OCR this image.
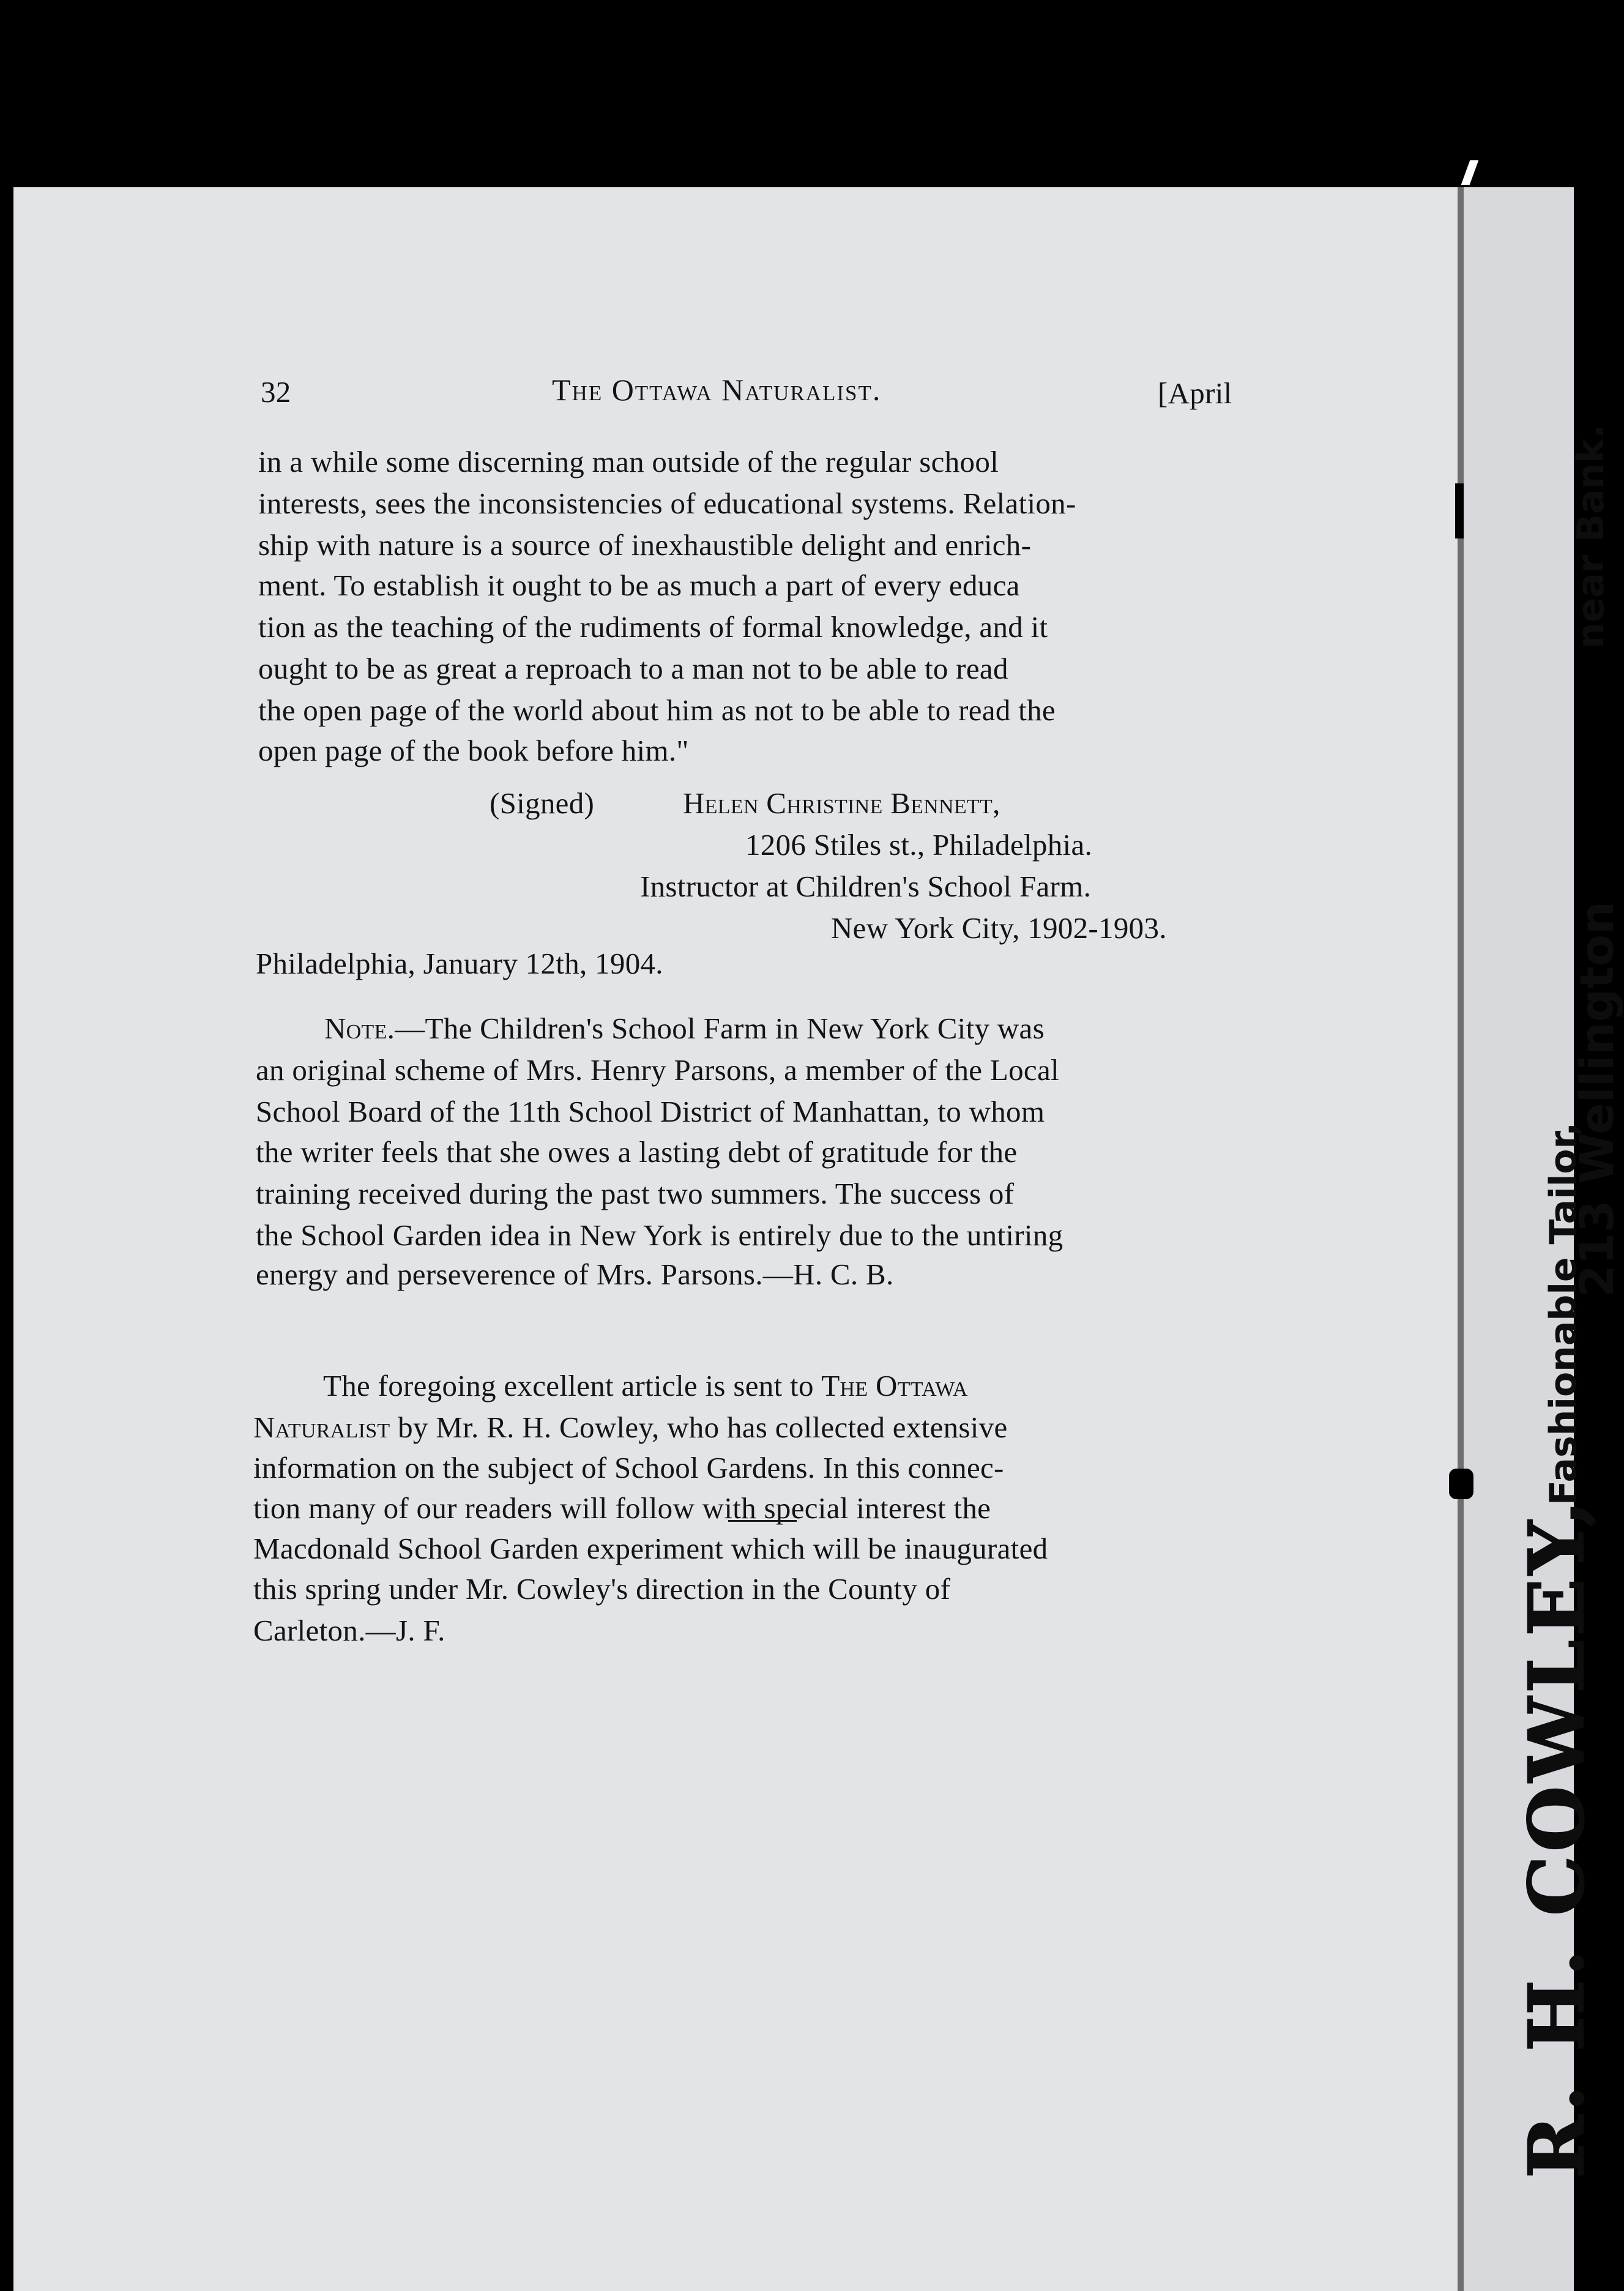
32	The Ottawa Naturalist.	[April
in a while some discerning man outside of the regular school
interests, sees the inconsistencies of educational systems. Relation-
ship with nature is a source of inexhaustible delight and enrich-
ment. To establish it ought to be as much a part of every educa
tion as the teaching of the rudiments of formal knowledge, and it
ought to be as great a reproach to a man not to be able to read
the open page of the world about him as not to be able to read the
open page of the book before him."
(Signed)	Helen Christine Bennett,
1206 Stiles st., Philadelphia.
Instructor at Children's School Farm.
New York City, 1902-1903.
Philadelphia, January 12th, 1904.
Note.—The Children's School Farm in New York City was
an original scheme of Mrs. Henry Parsons, a member of the Local
School Board of the 11th School District of Manhattan, to whom
the writer feels that she owes a lasting debt of gratitude for the
training received during the past two summers. The success of
the School Garden idea in New York is entirely due to the untiring
energy and perseverence of Mrs. Parsons.—H. C. B.
The foregoing excellent article is sent to The Ottawa
Naturalist by Mr. R. H. Cowley, who has collected extensive
information on the subject of School Gardens. In this connec-
tion many of our readers will follow with special interest the
Macdonald School Garden experiment which will be inaugurated
this spring under Mr. Cowley's direction in the County of
Carleton.—J. F.	R. H. COWLEY,
Fashionable Tailor,
213 Wellington
near Bank.
